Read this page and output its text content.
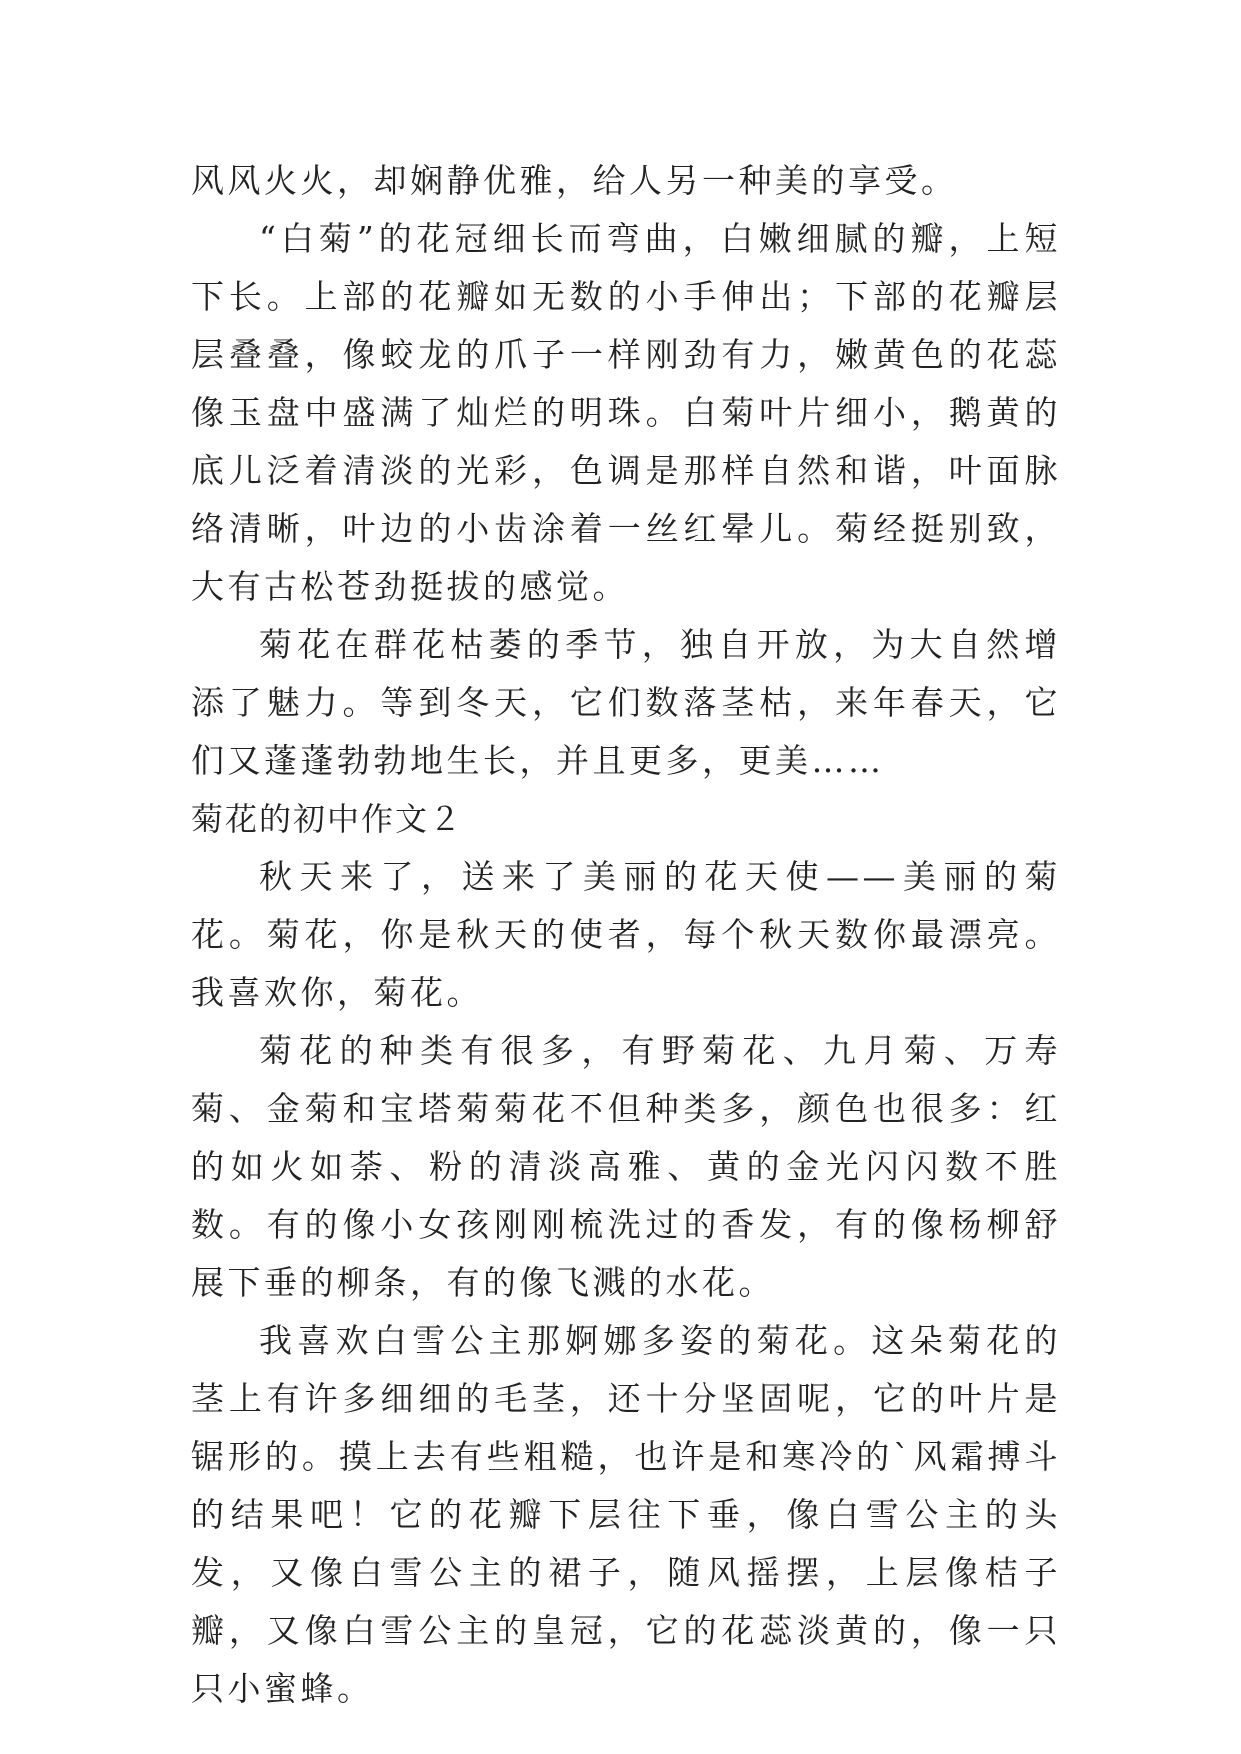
风风火火，却娴静优雅，给人另一种美的享受。

“白菊”的花冠细长而弯曲，白嫩细腻的瓣，上短下长。上部的花瓣如无数的小手伸出；下部的花瓣层层叠叠，像蛟龙的爪子一样刚劲有力，嫩黄色的花蕊像玉盘中盛满了灿烂的明珠。白菊叶片细小，鹅黄的底儿泛着清淡的光彩，色调是那样自然和谐，叶面脉络清晰，叶边的小齿涂着一丝红晕儿。菊经挺别致，大有古松苍劲挺拔的感觉。

菊花在群花枯萎的季节，独自开放，为大自然增添了魅力。等到冬天，它们数落茎枯，来年春天，它们又蓬蓬勃勃地生长，并且更多，更美……

菊花的初中作文２

秋天来了，送来了美丽的花天使——美丽的菊花。菊花，你是秋天的使者，每个秋天数你最漂亮。我喜欢你，菊花。

菊花的种类有很多，有野菊花、九月菊、万寿菊、金菊和宝塔菊菊花不但种类多，颜色也很多：红的如火如荼、粉的清淡高雅、黄的金光闪闪数不胜数。有的像小女孩刚刚梳洗过的香发，有的像杨柳舒展下垂的柳条，有的像飞溅的水花。

我喜欢白雪公主那婀娜多姿的菊花。这朵菊花的茎上有许多细细的毛茎，还十分坚固呢，它的叶片是锯形的。摸上去有些粗糙，也许是和寒冷的`风霜搏斗的结果吧！它的花瓣下层往下垂，像白雪公主的头发，又像白雪公主的裙子，随风摇摆，上层像桔子瓣，又像白雪公主的皇冠，它的花蕊淡黄的，像一只只小蜜蜂。
